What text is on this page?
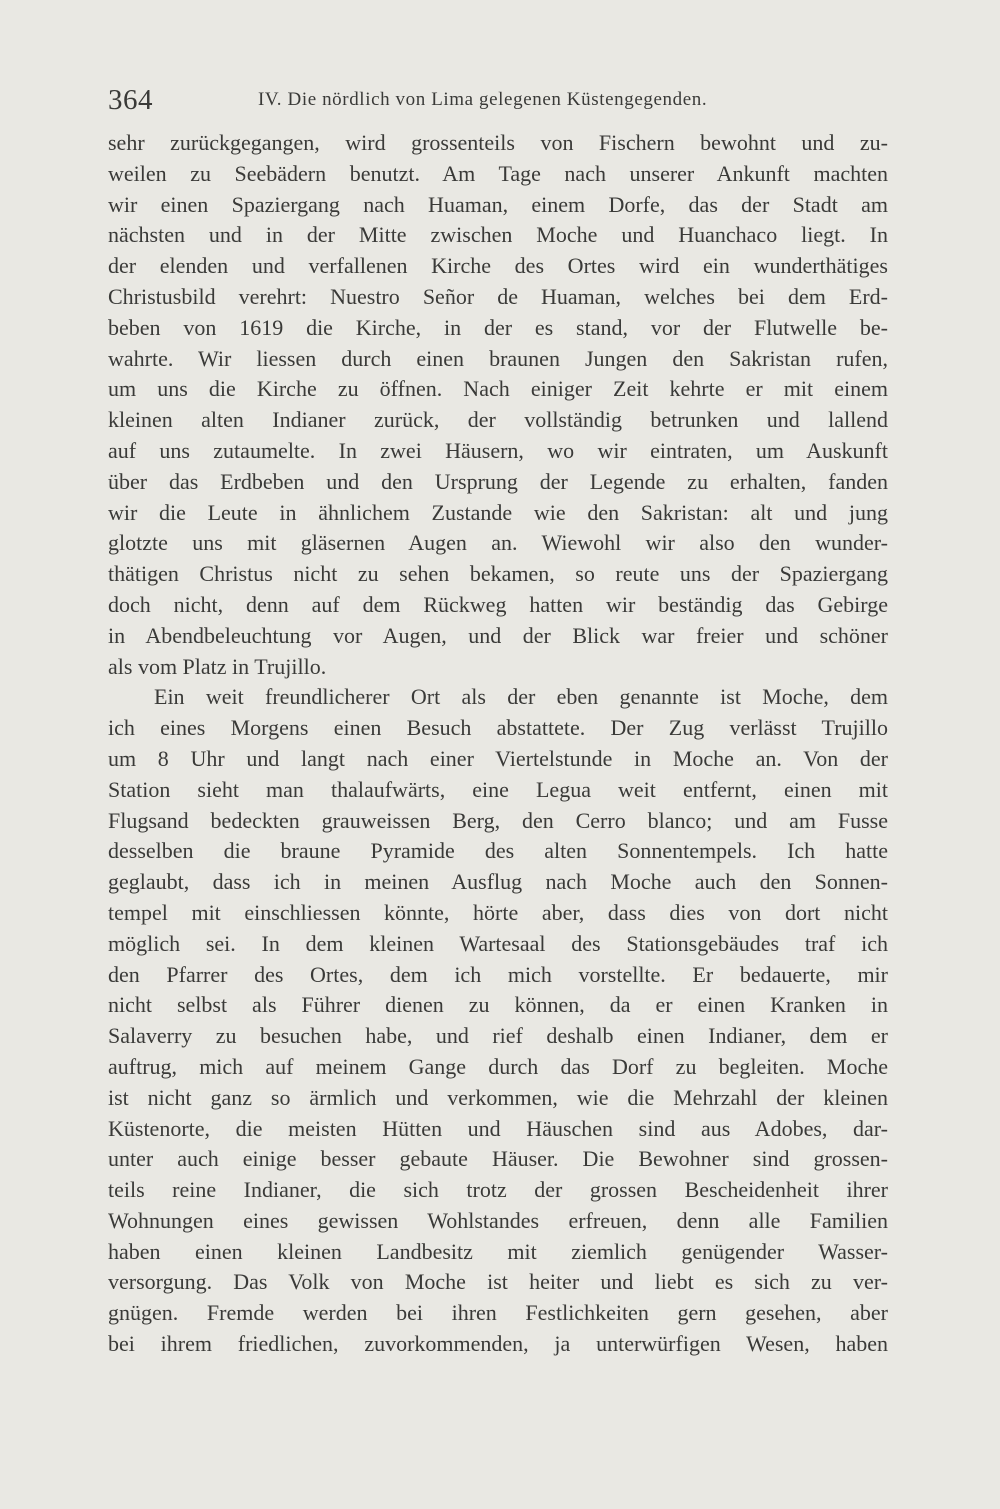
364	IV. Die nördlich von Lima gelegenen Küstengegenden.
sehr zurückgegangen, wird grossenteils von Fischern bewohnt und zu-
weilen zu Seebädern benutzt. Am Tage nach unserer Ankunft machten
wir einen Spaziergang nach Huaman, einem Dorfe, das der Stadt am
nächsten und in der Mitte zwischen Moche und Huanchaco liegt. In
der elenden und verfallenen Kirche des Ortes wird ein wunderthätiges
Christusbild verehrt: Nuestro Señor de Huaman, welches bei dem Erd-
beben von 1619 die Kirche, in der es stand, vor der Flutwelle be-
wahrte. Wir liessen durch einen braunen Jungen den Sakristan rufen,
um uns die Kirche zu öffnen. Nach einiger Zeit kehrte er mit einem
kleinen alten Indianer zurück, der vollständig betrunken und lallend
auf uns zutaumelte. In zwei Häusern, wo wir eintraten, um Auskunft
über das Erdbeben und den Ursprung der Legende zu erhalten, fanden
wir die Leute in ähnlichem Zustande wie den Sakristan: alt und jung
glotzte uns mit gläsernen Augen an. Wiewohl wir also den wunder-
thätigen Christus nicht zu sehen bekamen, so reute uns der Spaziergang
doch nicht, denn auf dem Rückweg hatten wir beständig das Gebirge
in Abendbeleuchtung vor Augen, und der Blick war freier und schöner
als vom Platz in Trujillo.
Ein weit freundlicherer Ort als der eben genannte ist Moche, dem
ich eines Morgens einen Besuch abstattete. Der Zug verlässt Trujillo
um 8 Uhr und langt nach einer Viertelstunde in Moche an. Von der
Station sieht man thalaufwärts, eine Legua weit entfernt, einen mit
Flugsand bedeckten grauweissen Berg, den Cerro blanco; und am Fusse
desselben die braune Pyramide des alten Sonnentempels. Ich hatte
geglaubt, dass ich in meinen Ausflug nach Moche auch den Sonnen-
tempel mit einschliessen könnte, hörte aber, dass dies von dort nicht
möglich sei. In dem kleinen Wartesaal des Stationsgebäudes traf ich
den Pfarrer des Ortes, dem ich mich vorstellte. Er bedauerte, mir
nicht selbst als Führer dienen zu können, da er einen Kranken in
Salaverry zu besuchen habe, und rief deshalb einen Indianer, dem er
auftrug, mich auf meinem Gange durch das Dorf zu begleiten. Moche
ist nicht ganz so ärmlich und verkommen, wie die Mehrzahl der kleinen
Küstenorte, die meisten Hütten und Häuschen sind aus Adobes, dar-
unter auch einige besser gebaute Häuser. Die Bewohner sind grossen-
teils reine Indianer, die sich trotz der grossen Bescheidenheit ihrer
Wohnungen eines gewissen Wohlstandes erfreuen, denn alle Familien
haben einen kleinen Landbesitz mit ziemlich genügender Wasser-
versorgung. Das Volk von Moche ist heiter und liebt es sich zu ver-
gnügen. Fremde werden bei ihren Festlichkeiten gern gesehen, aber
bei ihrem friedlichen, zuvorkommenden, ja unterwürfigen Wesen, haben
